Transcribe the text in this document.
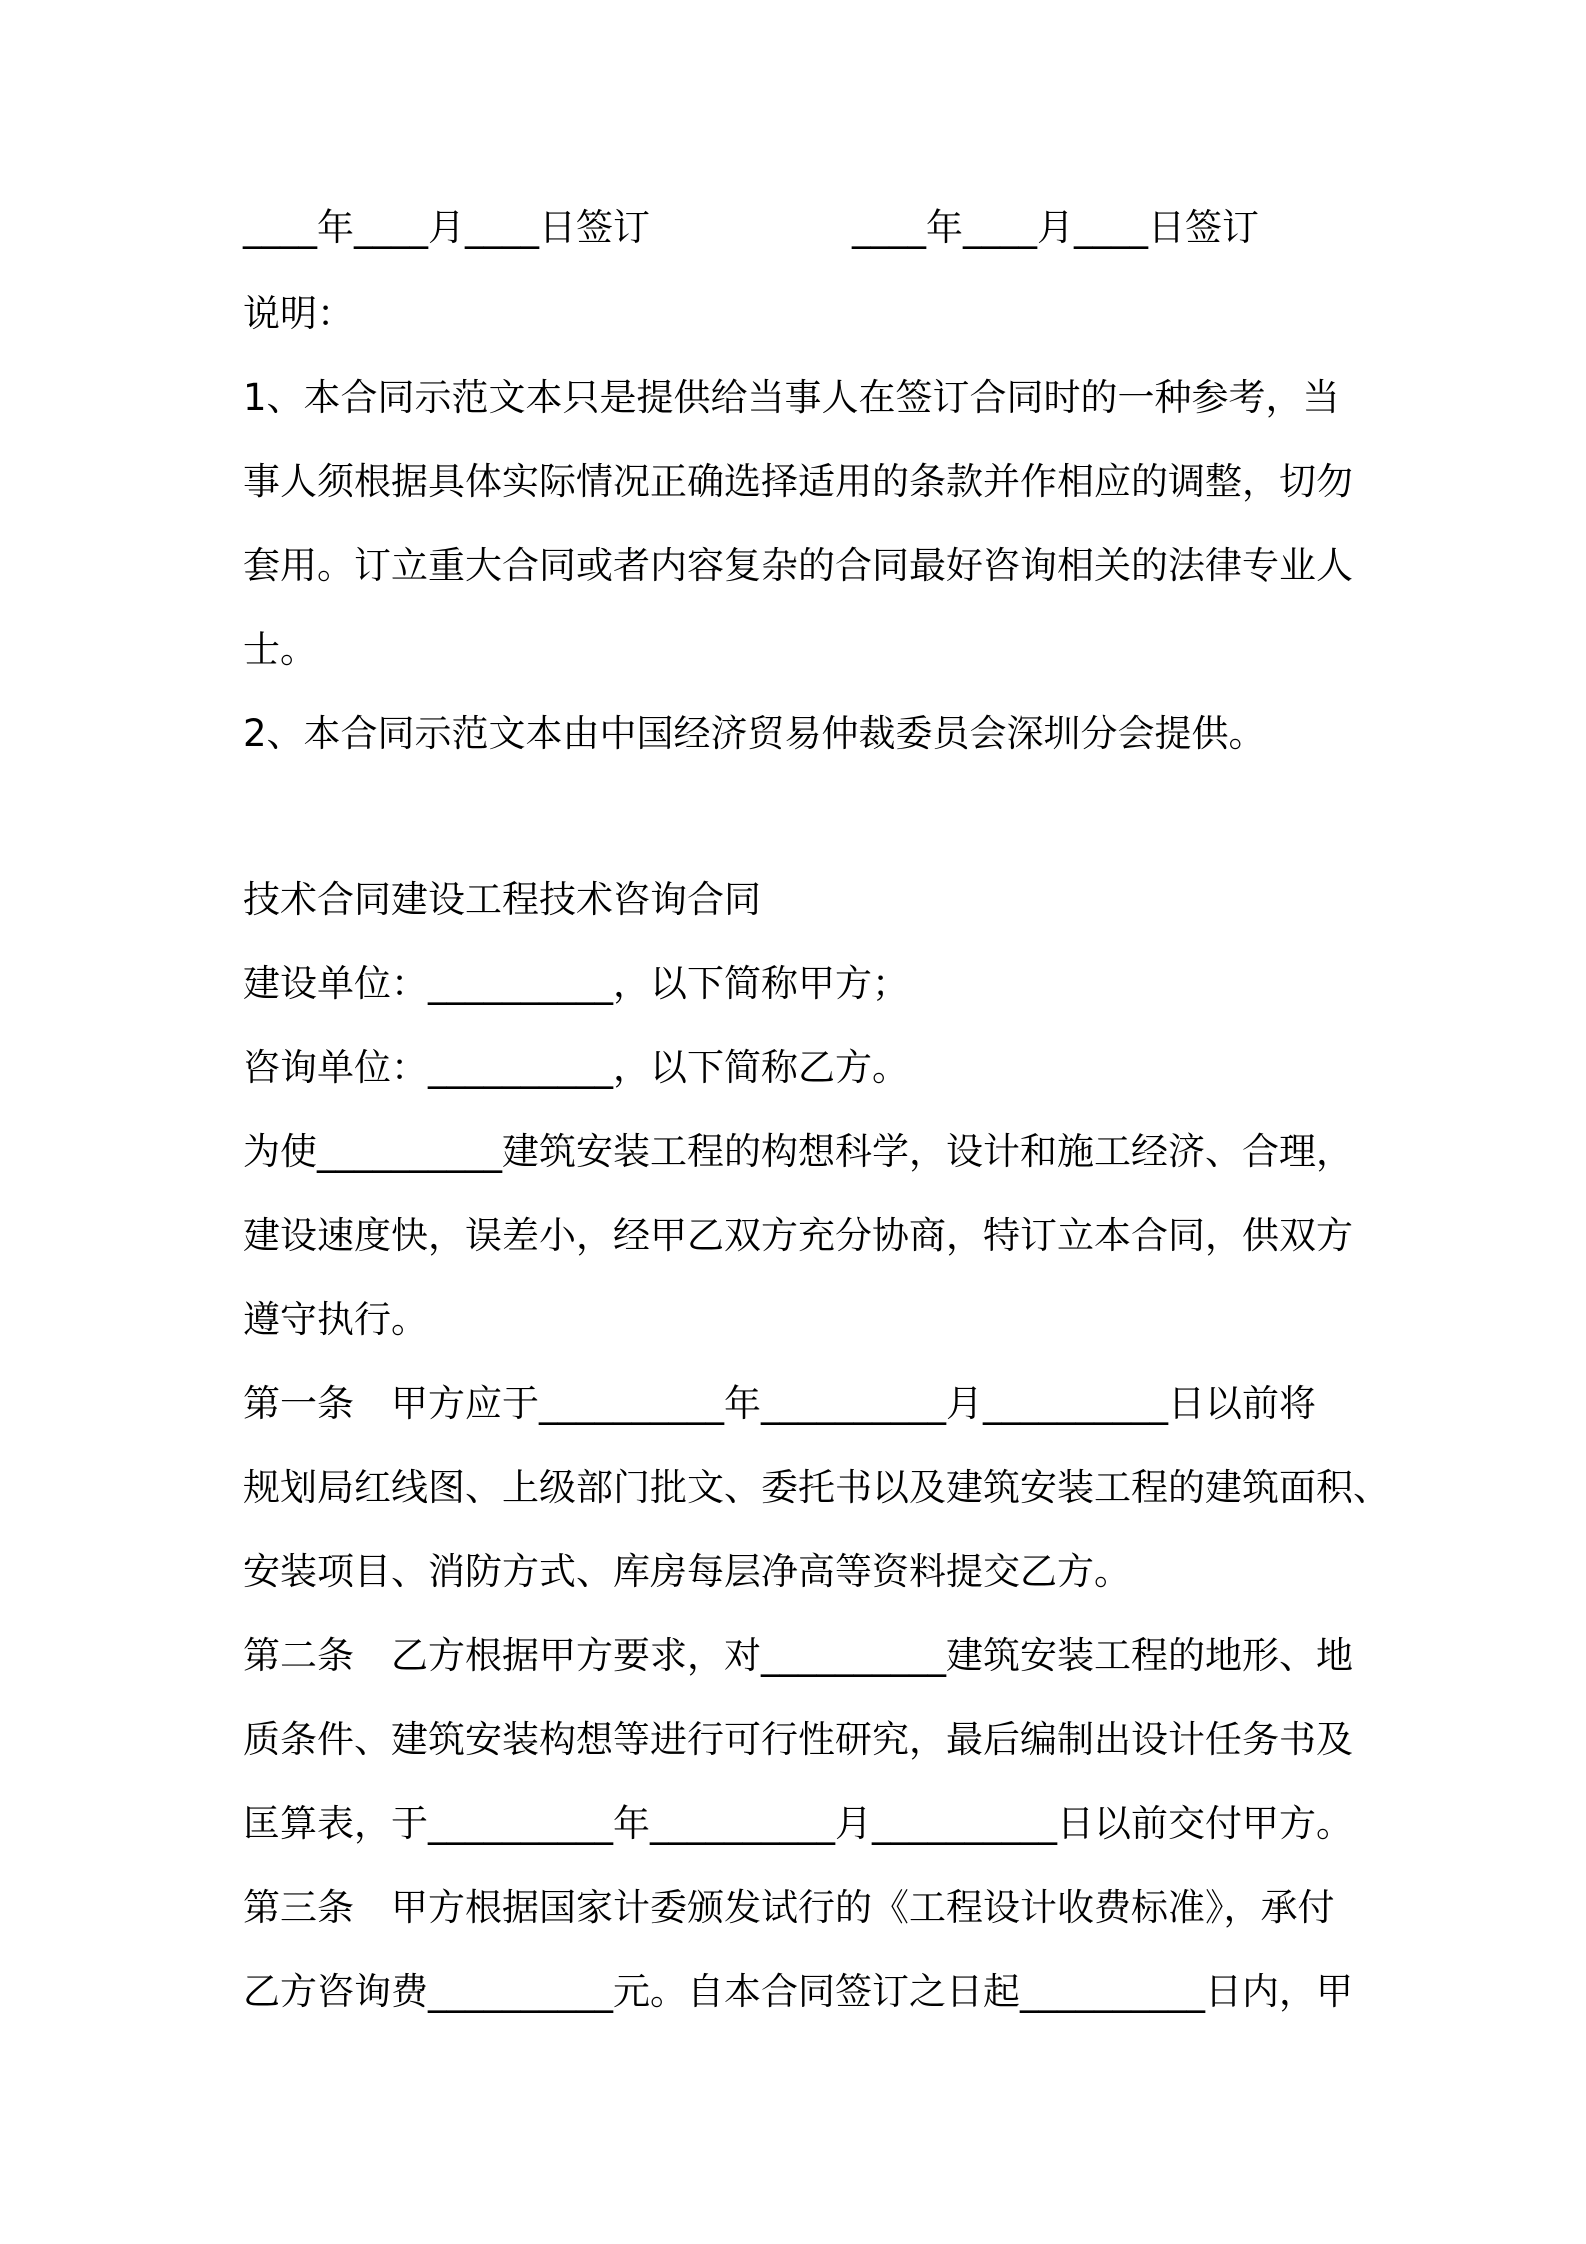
____年____月____日签订	____年____月____日签订
说明：
1、本合同示范文本只是提供给当事人在签订合同时的一种参考，当
事人须根据具体实际情况正确选择适用的条款并作相应的调整，切勿
套用。订立重大合同或者内容复杂的合同最好咨询相关的法律专业人
士。
2、本合同示范文本由中国经济贸易仲裁委员会深圳分会提供。
技术合同建设工程技术咨询合同
建设单位：__________，以下简称甲方；
咨询单位：__________，以下简称乙方。
为使__________建筑安装工程的构想科学，设计和施工经济、合理，
建设速度快，误差小，经甲乙双方充分协商，特订立本合同，供双方
遵守执行。
第一条　甲方应于__________年__________月__________日以前将
规划局红线图、上级部门批文、委托书以及建筑安装工程的建筑面积、
安装项目、消防方式、库房每层净高等资料提交乙方。
第二条　乙方根据甲方要求，对__________建筑安装工程的地形、地
质条件、建筑安装构想等进行可行性研究，最后编制出设计任务书及
匡算表，于__________年__________月__________日以前交付甲方。
第三条　甲方根据国家计委颁发试行的《工程设计收费标准》，承付
乙方咨询费__________元。自本合同签订之日起__________日内，甲
